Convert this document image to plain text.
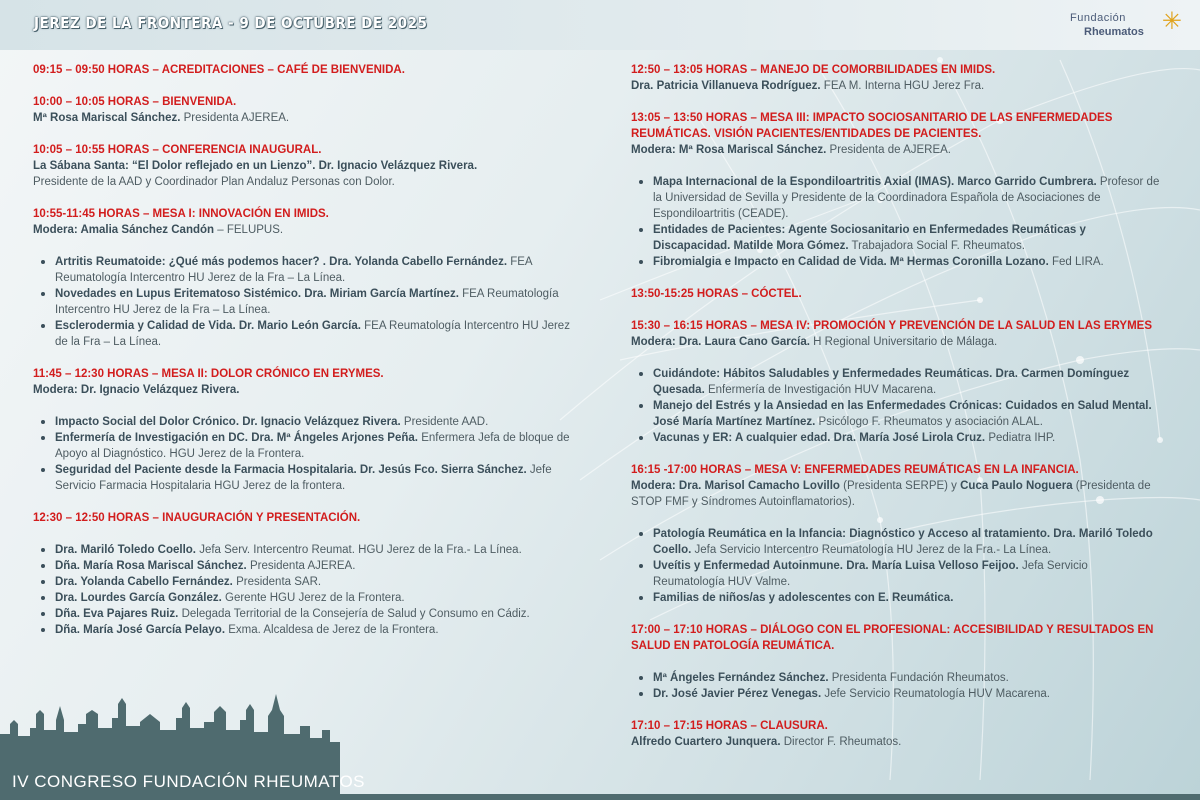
JEREZ DE LA FRONTERA - 9 DE OCTUBRE DE 2025	Fundación
Rheumatos ✳
09:15 – 09:50 HORAS – ACREDITACIONES – CAFÉ DE BIENVENIDA.
10:00 – 10:05 HORAS – BIENVENIDA.
Mª Rosa Mariscal Sánchez. Presidenta AJEREA.
10:05 – 10:55 HORAS – CONFERENCIA INAUGURAL.
La Sábana Santa: “El Dolor reflejado en un Lienzo”. Dr. Ignacio Velázquez Rivera.
Presidente de la AAD y Coordinador Plan Andaluz Personas con Dolor.
10:55-11:45 HORAS – MESA I: INNOVACIÓN EN IMIDS.
Modera: Amalia Sánchez Candón – FELUPUS.
Artritis Reumatoide: ¿Qué más podemos hacer? . Dra. Yolanda Cabello Fernández. FEA Reumatología Intercentro HU Jerez de la Fra – La Línea.
Novedades en Lupus Eritematoso Sistémico. Dra. Miriam García Martínez. FEA Reumatología Intercentro HU Jerez de la Fra – La Línea.
Esclerodermia y Calidad de Vida. Dr. Mario León García. FEA Reumatología Intercentro HU Jerez de la Fra – La Línea.
11:45 – 12:30 HORAS – MESA II: DOLOR CRÓNICO EN ERYMES.
Modera: Dr. Ignacio Velázquez Rivera.
Impacto Social del Dolor Crónico. Dr. Ignacio Velázquez Rivera. Presidente AAD.
Enfermería de Investigación en DC. Dra. Mª Ángeles Arjones Peña. Enfermera Jefa de bloque de Apoyo al Diagnóstico. HGU Jerez de la Frontera.
Seguridad del Paciente desde la Farmacia Hospitalaria. Dr. Jesús Fco. Sierra Sánchez. Jefe Servicio Farmacia Hospitalaria HGU Jerez de la frontera.
12:30 – 12:50 HORAS – INAUGURACIÓN Y PRESENTACIÓN.
Dra. Mariló Toledo Coello. Jefa Serv. Intercentro Reumat. HGU Jerez de la Fra.- La Línea.
Dña. María Rosa Mariscal Sánchez. Presidenta AJEREA.
Dra. Yolanda Cabello Fernández. Presidenta SAR.
Dra. Lourdes García González. Gerente HGU Jerez de la Frontera.
Dña. Eva Pajares Ruiz. Delegada Territorial de la Consejería de Salud y Consumo en Cádiz.
Dña. María José García Pelayo. Exma. Alcaldesa de Jerez de la Frontera.
12:50 – 13:05 HORAS – MANEJO DE COMORBILIDADES EN IMIDS.
Dra. Patricia Villanueva Rodríguez. FEA M. Interna HGU Jerez Fra.
13:05 – 13:50 HORAS – MESA III: IMPACTO SOCIOSANITARIO DE LAS ENFERMEDADES REUMÁTICAS. VISIÓN PACIENTES/ENTIDADES DE PACIENTES.
Modera: Mª Rosa Mariscal Sánchez. Presidenta de AJEREA.
Mapa Internacional de la Espondiloartritis Axial (IMAS). Marco Garrido Cumbrera. Profesor de la Universidad de Sevilla y Presidente de la Coordinadora Española de Asociaciones de Espondiloartritis (CEADE).
Entidades de Pacientes: Agente Sociosanitario en Enfermedades Reumáticas y Discapacidad. Matilde Mora Gómez. Trabajadora Social F. Rheumatos.
Fibromialgia e Impacto en Calidad de Vida. Mª Hermas Coronilla Lozano. Fed LIRA.
13:50-15:25 HORAS – CÓCTEL.
15:30 – 16:15 HORAS – MESA IV: PROMOCIÓN Y PREVENCIÓN DE LA SALUD EN LAS ERYMES
Modera: Dra. Laura Cano García. H Regional Universitario de Málaga.
Cuidándote: Hábitos Saludables y Enfermedades Reumáticas. Dra. Carmen Domínguez Quesada. Enfermería de Investigación HUV Macarena.
Manejo del Estrés y la Ansiedad en las Enfermedades Crónicas: Cuidados en Salud Mental. José María Martínez Martínez. Psicólogo F. Rheumatos y asociación ALAL.
Vacunas y ER: A cualquier edad. Dra. María José Lirola Cruz. Pediatra IHP.
16:15 -17:00 HORAS – MESA V: ENFERMEDADES REUMÁTICAS EN LA INFANCIA.
Modera: Dra. Marisol Camacho Lovillo (Presidenta SERPE) y Cuca Paulo Noguera (Presidenta de STOP FMF y Síndromes Autoinflamatorios).
Patología Reumática en la Infancia: Diagnóstico y Acceso al tratamiento. Dra. Mariló Toledo Coello. Jefa Servicio Intercentro Reumatología HU Jerez de la Fra.- La Línea.
Uveítis y Enfermedad Autoinmune. Dra. María Luisa Velloso Feijoo. Jefa Servicio Reumatología HUV Valme.
Familias de niños/as y adolescentes con E. Reumática.
17:00 – 17:10 HORAS – DIÁLOGO CON EL PROFESIONAL: ACCESIBILIDAD Y RESULTADOS EN SALUD EN PATOLOGÍA REUMÁTICA.
Mª Ángeles Fernández Sánchez. Presidenta Fundación Rheumatos.
Dr. José Javier Pérez Venegas. Jefe Servicio Reumatología HUV Macarena.
17:10 – 17:15 HORAS – CLAUSURA.
Alfredo Cuartero Junquera. Director F. Rheumatos.
IV CONGRESO FUNDACIÓN RHEUMATOS
